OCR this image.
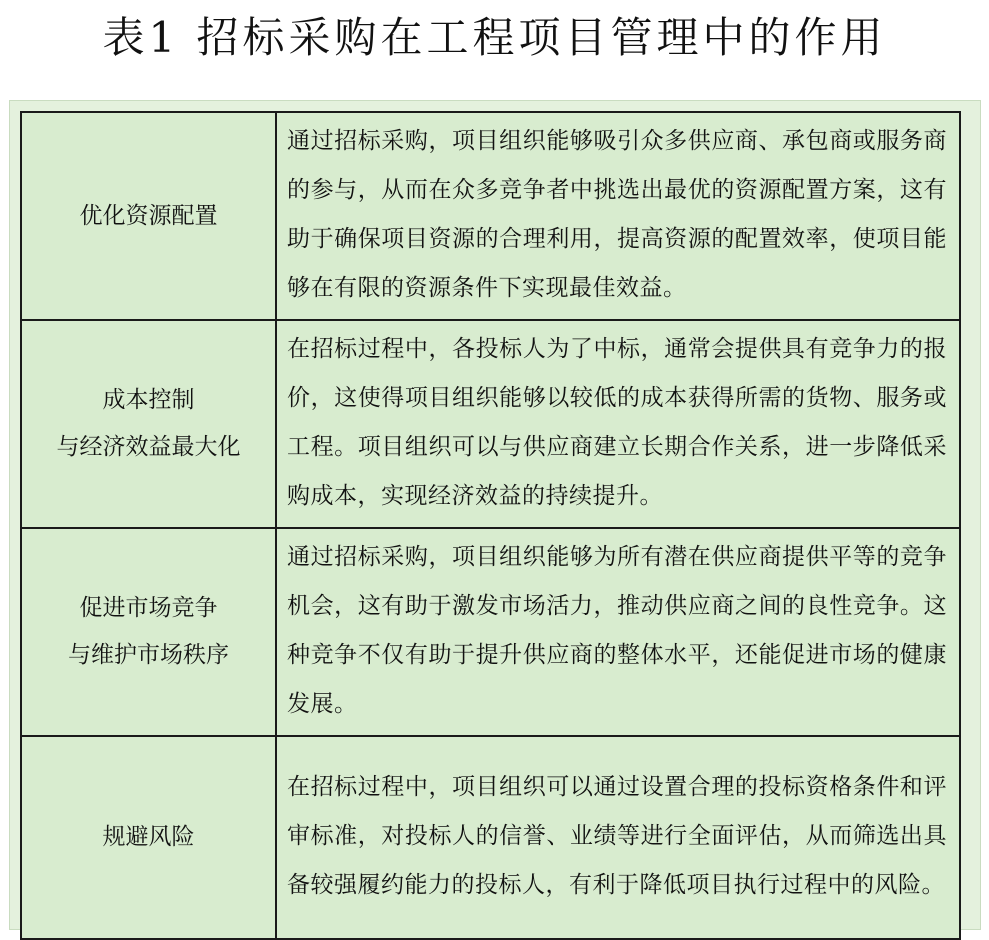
表1 招标采购在工程项目管理中的作用
优化资源配置	通过招标采购，项目组织能够吸引众多供应商、承包商或服务商的参与，从而在众多竞争者中挑选出最优的资源配置方案，这有助于确保项目资源的合理利用，提高资源的配置效率，使项目能够在有限的资源条件下实现最佳效益。

成本控制
与经济效益最大化	在招标过程中，各投标人为了中标，通常会提供具有竞争力的报价，这使得项目组织能够以较低的成本获得所需的货物、服务或工程。项目组织可以与供应商建立长期合作关系，进一步降低采购成本，实现经济效益的持续提升。

促进市场竞争
与维护市场秩序	通过招标采购，项目组织能够为所有潜在供应商提供平等的竞争机会，这有助于激发市场活力，推动供应商之间的良性竞争。这种竞争不仅有助于提升供应商的整体水平，还能促进市场的健康发展。

规避风险	在招标过程中，项目组织可以通过设置合理的投标资格条件和评审标准，对投标人的信誉、业绩等进行全面评估，从而筛选出具备较强履约能力的投标人，有利于降低项目执行过程中的风险。
